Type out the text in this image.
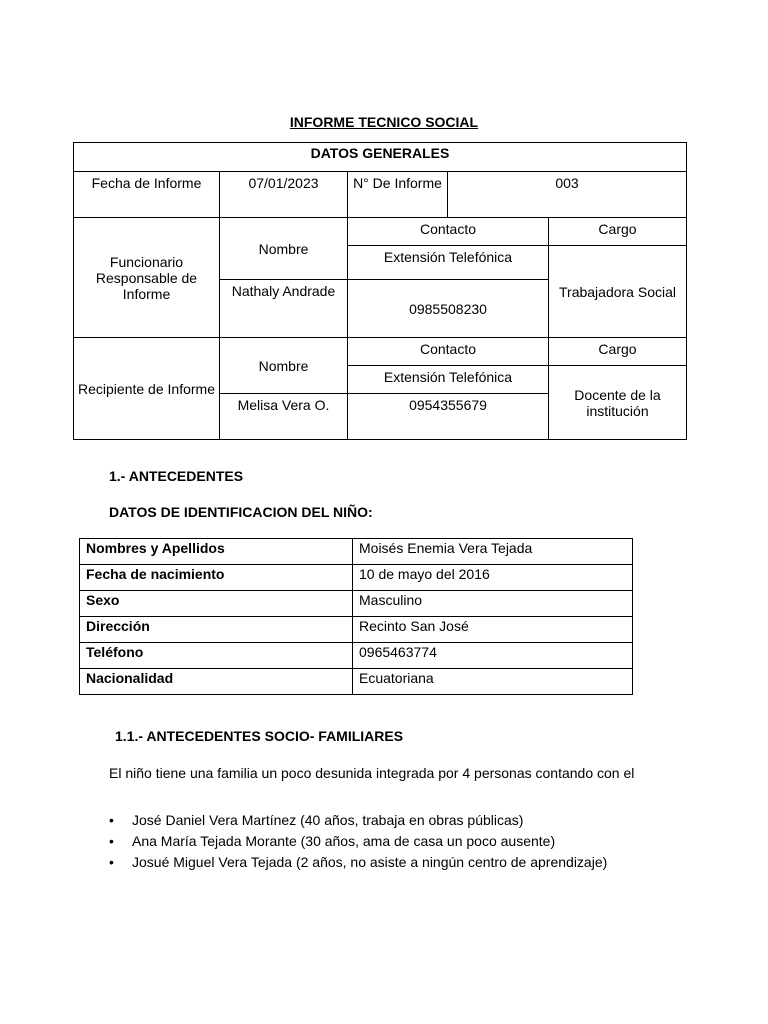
INFORME TECNICO SOCIAL
DATOS GENERALES				
Fecha de Informe	07/01/2023	N° De Informe	003	
Funcionario Responsable de Informe	Nombre	Contacto		Cargo
		Extensión Telefónica		Trabajadora Social
	Nathaly Andrade	0985508230		
Recipiente de Informe	Nombre	Contacto		Cargo
		Extensión Telefónica		Docente de la institución
	Melisa Vera O.	0954355679		
1.- ANTECEDENTES
DATOS DE IDENTIFICACION DEL NIÑO:
Nombres y Apellidos	Moisés Enemia Vera Tejada
Fecha de nacimiento	10 de mayo del 2016
Sexo	Masculino
Dirección	Recinto San José
Teléfono	0965463774
Nacionalidad	Ecuatoriana
1.1.- ANTECEDENTES SOCIO- FAMILIARES
El niño tiene una familia un poco desunida integrada por 4 personas contando con el
• José Daniel Vera Martínez (40 años, trabaja en obras públicas)
• Ana María Tejada Morante (30 años, ama de casa un poco ausente)
• Josué Miguel Vera Tejada (2 años, no asiste a ningún centro de aprendizaje)
